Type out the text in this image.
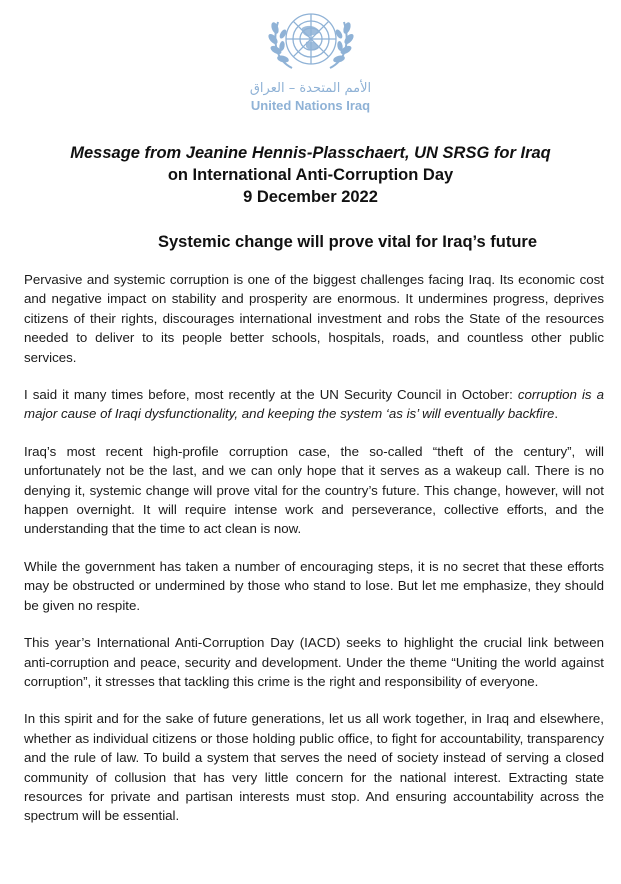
الأمم المتحدة – العراق
United Nations Iraq
Message from Jeanine Hennis-Plasschaert, UN SRSG for Iraq
on International Anti-Corruption Day
9 December 2022
Systemic change will prove vital for Iraq’s future

Pervasive and systemic corruption is one of the biggest challenges facing Iraq. Its economic cost and negative impact on stability and prosperity are enormous. It undermines progress, deprives citizens of their rights, discourages international investment and robs the State of the resources needed to deliver to its people better schools, hospitals, roads, and countless other public services.

I said it many times before, most recently at the UN Security Council in October: corruption is a major cause of Iraqi dysfunctionality, and keeping the system ‘as is’ will eventually backfire.

Iraq’s most recent high-profile corruption case, the so-called “theft of the century”, will unfortunately not be the last, and we can only hope that it serves as a wakeup call. There is no denying it, systemic change will prove vital for the country’s future. This change, however, will not happen overnight. It will require intense work and perseverance, collective efforts, and the understanding that the time to act clean is now.

While the government has taken a number of encouraging steps, it is no secret that these efforts may be obstructed or undermined by those who stand to lose. But let me emphasize, they should be given no respite.

This year’s International Anti-Corruption Day (IACD) seeks to highlight the crucial link between anti-corruption and peace, security and development. Under the theme “Uniting the world against corruption”, it stresses that tackling this crime is the right and responsibility of everyone.

In this spirit and for the sake of future generations, let us all work together, in Iraq and elsewhere, whether as individual citizens or those holding public office, to fight for accountability, transparency and the rule of law. To build a system that serves the need of society instead of serving a closed community of collusion that has very little concern for the national interest. Extracting state resources for private and partisan interests must stop. And ensuring accountability across the spectrum will be essential.
